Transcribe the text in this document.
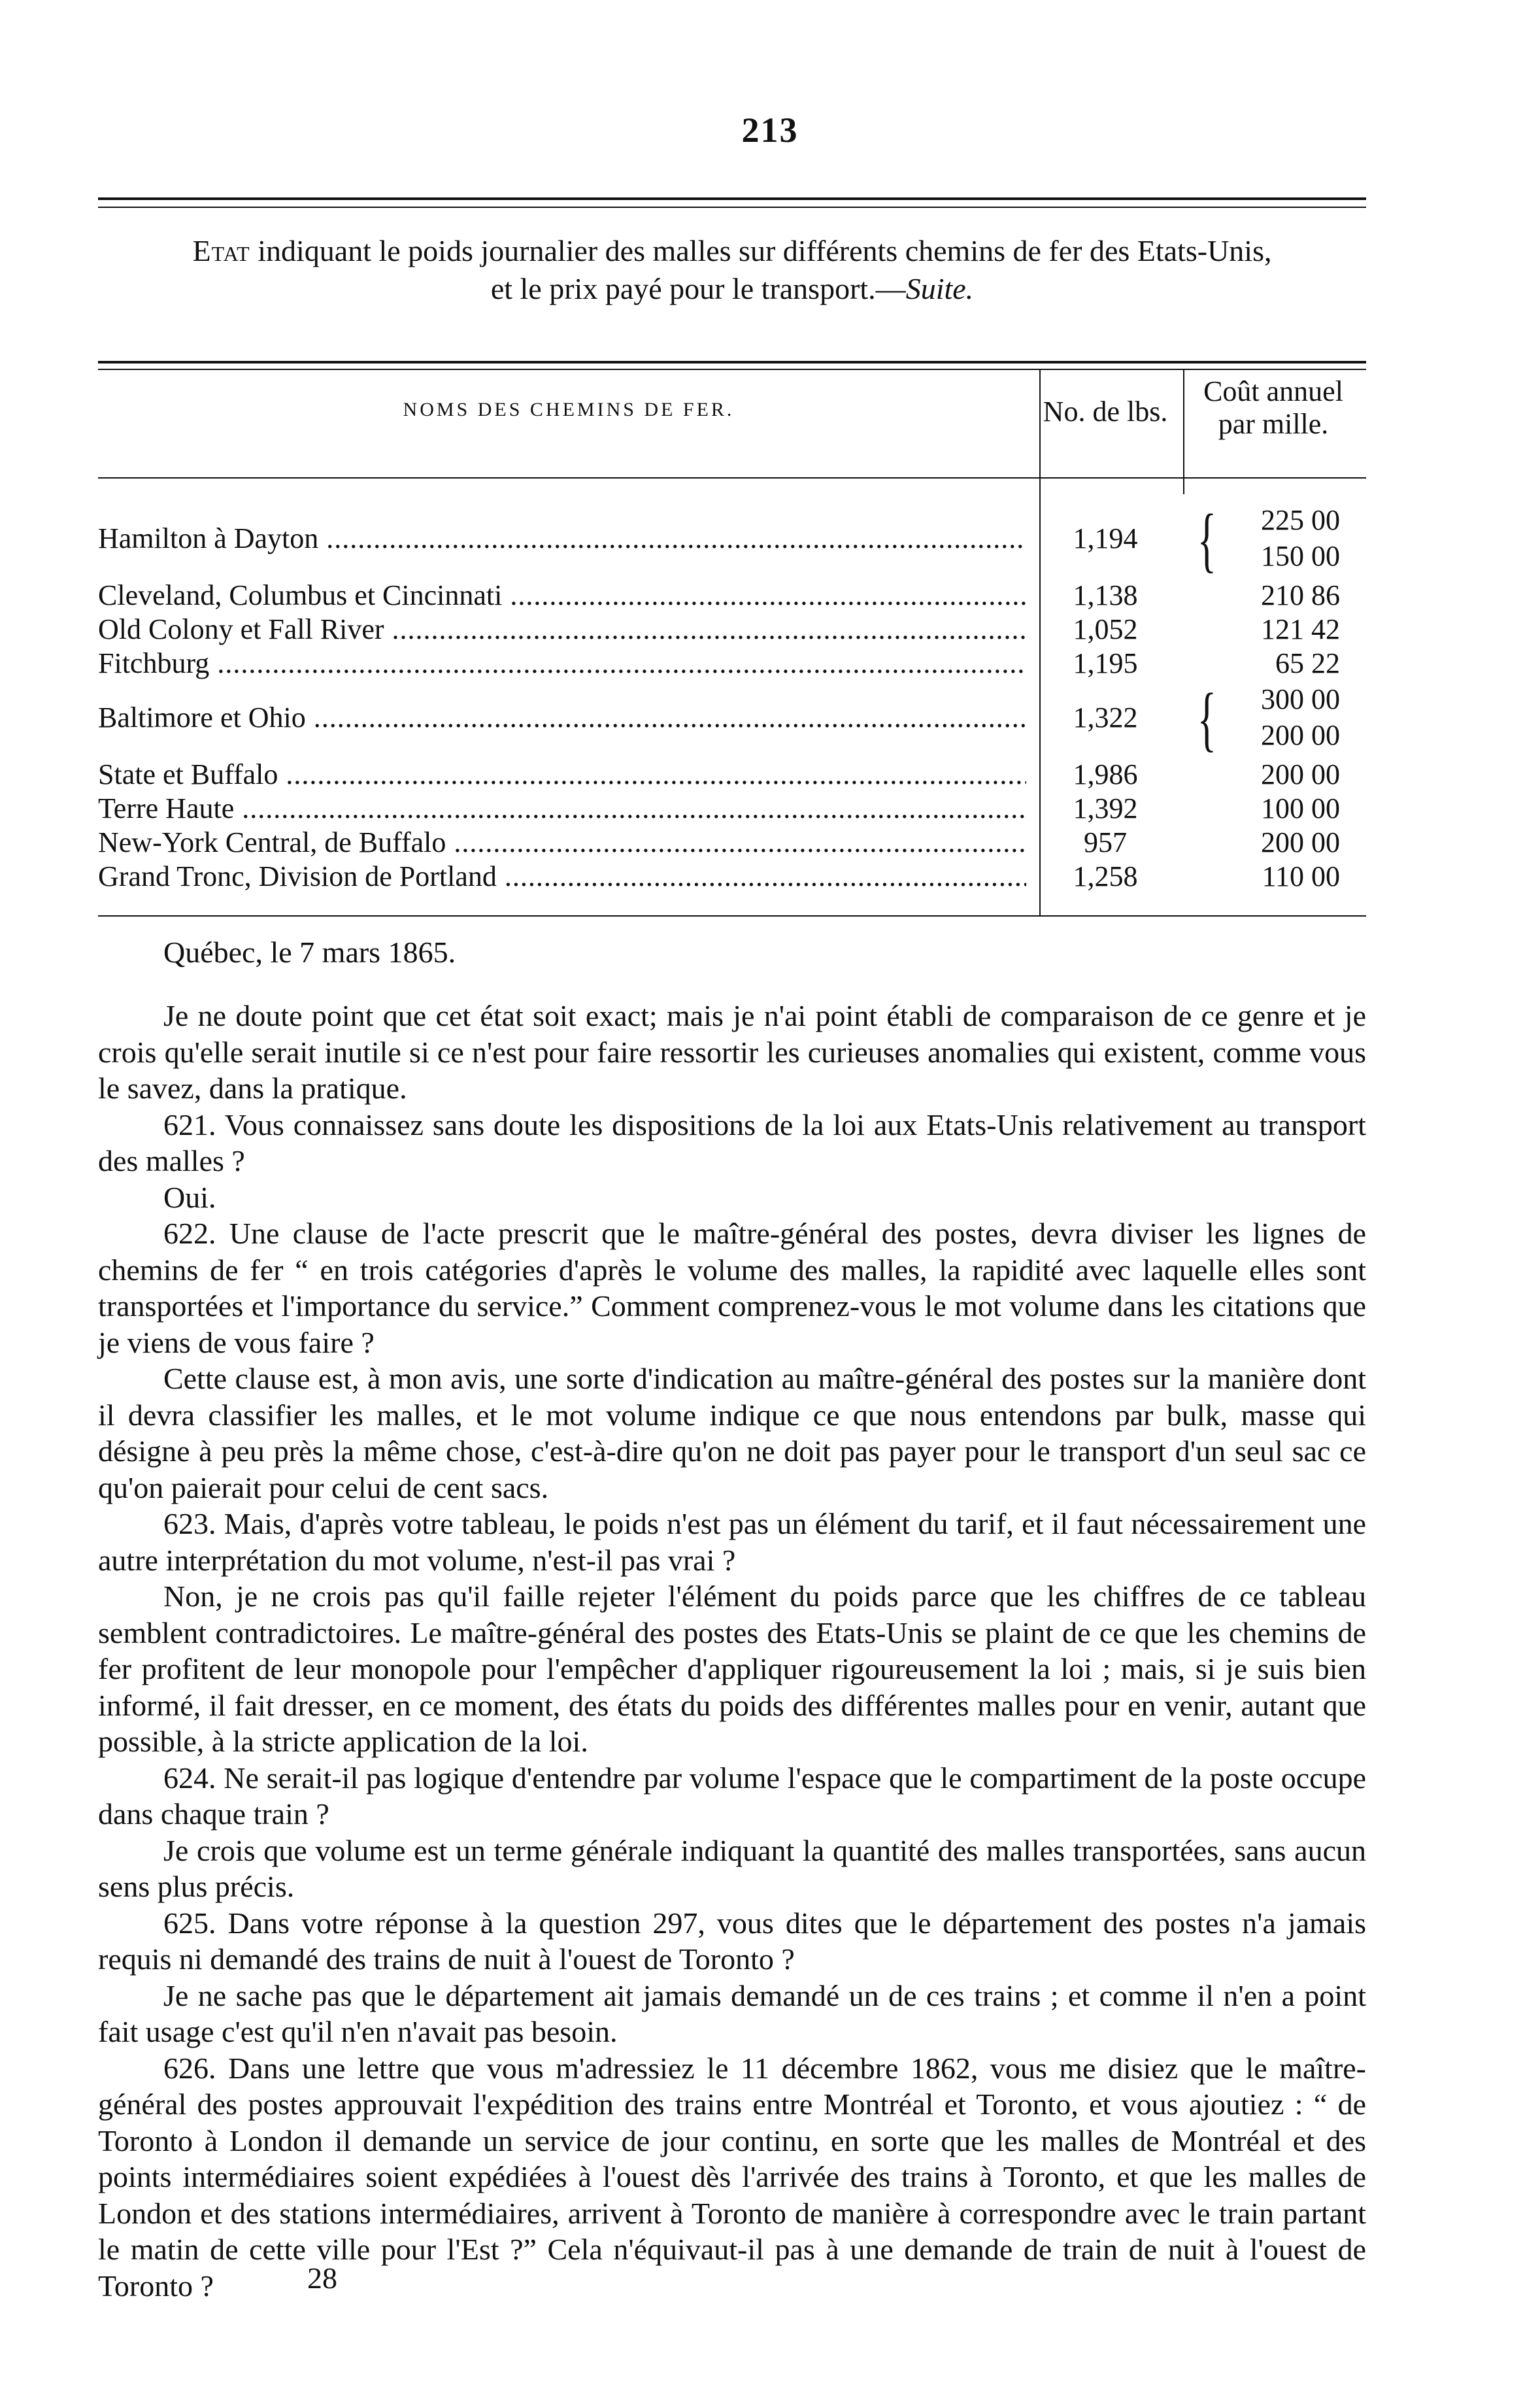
213
Etat indiquant le poids journalier des malles sur différents chemins de fer des Etats-Unis,
et le prix payé pour le transport.—Suite.
NOMS DES CHEMINS DE FER.	No. de lbs.
Coût annuel
par mille.
Hamilton à Dayton .....	1,194 {	225 00
150 00
Cleveland, Columbus et Cincinnati .....	1,138	210 86
Old Colony et Fall River .....	1,052	121 42
Fitchburg .....	1,195	65 22
Baltimore et Ohio .....	1,322 {	300 00
200 00
State et Buffalo .....	1,986	200 00
Terre Haute .....	1,392	100 00
New-York Central, de Buffalo .....	957	200 00
Grand Tronc, Division de Portland .....	1,258	110 00
Québec, le 7 mars 1865.

Je ne doute point que cet état soit exact; mais je n'ai point établi de comparaison de ce genre et je crois qu'elle serait inutile si ce n'est pour faire ressortir les curieuses anomalies qui existent, comme vous le savez, dans la pratique.

621. Vous connaissez sans doute les dispositions de la loi aux Etats-Unis relativement au transport des malles ?

Oui.

622. Une clause de l'acte prescrit que le maître-général des postes, devra diviser les lignes de chemins de fer “ en trois catégories d'après le volume des malles, la rapidité avec laquelle elles sont transportées et l'importance du service.” Comment comprenez-vous le mot volume dans les citations que je viens de vous faire ?

Cette clause est, à mon avis, une sorte d'indication au maître-général des postes sur la manière dont il devra classifier les malles, et le mot volume indique ce que nous entendons par bulk, masse qui désigne à peu près la même chose, c'est-à-dire qu'on ne doit pas payer pour le transport d'un seul sac ce qu'on paierait pour celui de cent sacs.

623. Mais, d'après votre tableau, le poids n'est pas un élément du tarif, et il faut nécessairement une autre interprétation du mot volume, n'est-il pas vrai ?

Non, je ne crois pas qu'il faille rejeter l'élément du poids parce que les chiffres de ce tableau semblent contradictoires. Le maître-général des postes des Etats-Unis se plaint de ce que les chemins de fer profitent de leur monopole pour l'empêcher d'appliquer rigoureusement la loi ; mais, si je suis bien informé, il fait dresser, en ce moment, des états du poids des différentes malles pour en venir, autant que possible, à la stricte application de la loi.

624. Ne serait-il pas logique d'entendre par volume l'espace que le compartiment de la poste occupe dans chaque train ?

Je crois que volume est un terme générale indiquant la quantité des malles transportées, sans aucun sens plus précis.

625. Dans votre réponse à la question 297, vous dites que le département des postes n'a jamais requis ni demandé des trains de nuit à l'ouest de Toronto ?

Je ne sache pas que le département ait jamais demandé un de ces trains ; et comme il n'en a point fait usage c'est qu'il n'en n'avait pas besoin.

626. Dans une lettre que vous m'adressiez le 11 décembre 1862, vous me disiez que le maître-général des postes approuvait l'expédition des trains entre Montréal et Toronto, et vous ajoutiez : “ de Toronto à London il demande un service de jour continu, en sorte que les malles de Montréal et des points intermédiaires soient expédiées à l'ouest dès l'arrivée des trains à Toronto, et que les malles de London et des stations intermédiaires, arrivent à Toronto de manière à correspondre avec le train partant le matin de cette ville pour l'Est ?” Cela n'équivaut-il pas à une demande de train de nuit à l'ouest de Toronto ?	28
